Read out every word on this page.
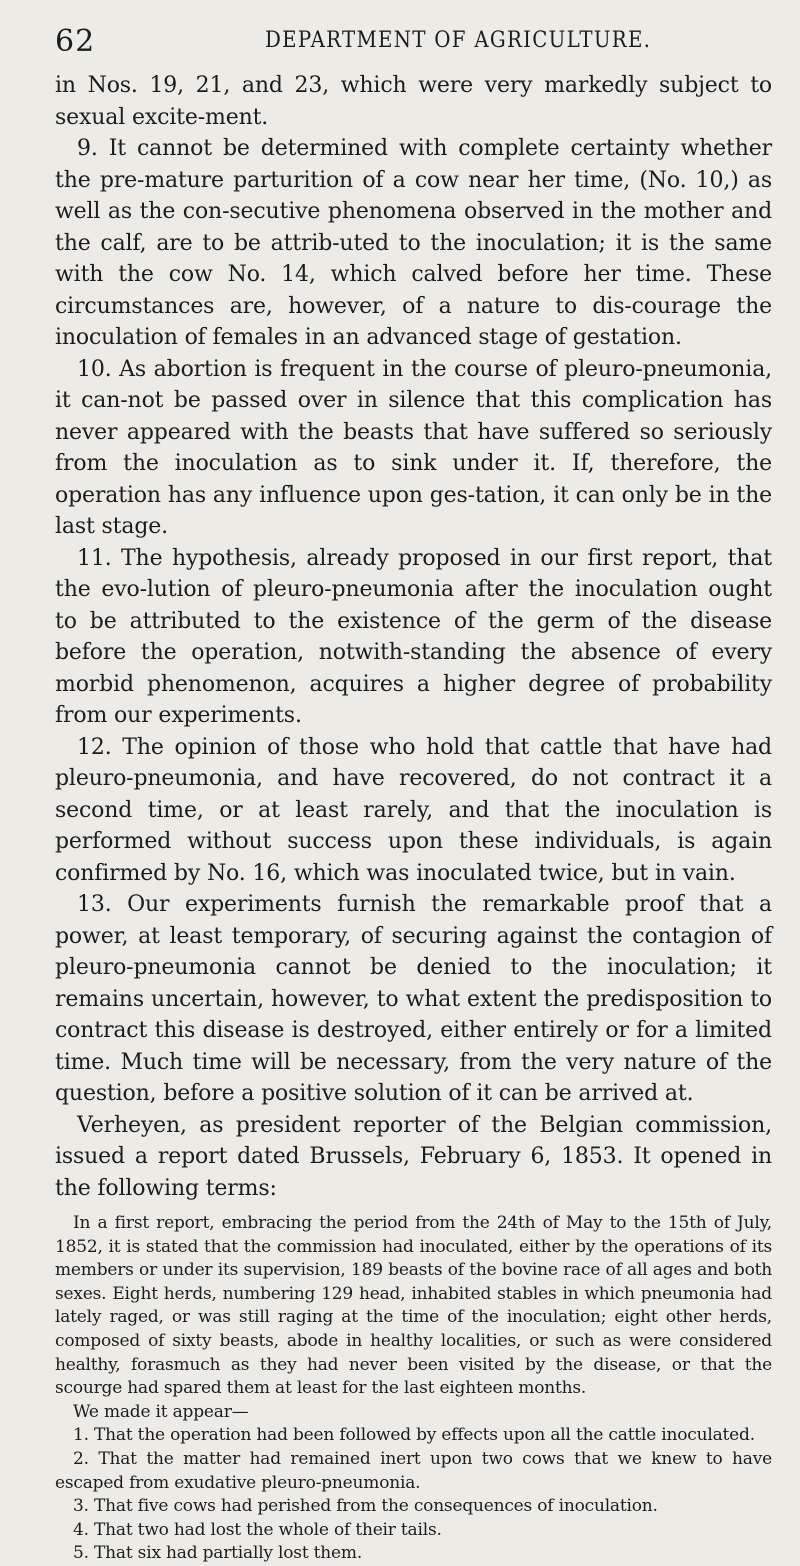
62	DEPARTMENT OF AGRICULTURE.

in Nos. 19, 21, and 23, which were very markedly subject to sexual excite-ment.

9. It cannot be determined with complete certainty whether the pre-mature parturition of a cow near her time, (No. 10,) as well as the con-secutive phenomena observed in the mother and the calf, are to be attrib-uted to the inoculation; it is the same with the cow No. 14, which calved before her time. These circumstances are, however, of a nature to dis-courage the inoculation of females in an advanced stage of gestation.

10. As abortion is frequent in the course of pleuro-pneumonia, it can-not be passed over in silence that this complication has never appeared with the beasts that have suffered so seriously from the inoculation as to sink under it. If, therefore, the operation has any influence upon ges-tation, it can only be in the last stage.

11. The hypothesis, already proposed in our first report, that the evo-lution of pleuro-pneumonia after the inoculation ought to be attributed to the existence of the germ of the disease before the operation, notwith-standing the absence of every morbid phenomenon, acquires a higher degree of probability from our experiments.

12. The opinion of those who hold that cattle that have had pleuro-pneumonia, and have recovered, do not contract it a second time, or at least rarely, and that the inoculation is performed without success upon these individuals, is again confirmed by No. 16, which was inoculated twice, but in vain.

13. Our experiments furnish the remarkable proof that a power, at least temporary, of securing against the contagion of pleuro-pneumonia cannot be denied to the inoculation; it remains uncertain, however, to what extent the predisposition to contract this disease is destroyed, either entirely or for a limited time. Much time will be necessary, from the very nature of the question, before a positive solution of it can be arrived at.

Verheyen, as president reporter of the Belgian commission, issued a report dated Brussels, February 6, 1853. It opened in the following terms:

In a first report, embracing the period from the 24th of May to the 15th of July, 1852, it is stated that the commission had inoculated, either by the operations of its members or under its supervision, 189 beasts of the bovine race of all ages and both sexes. Eight herds, numbering 129 head, inhabited stables in which pneumonia had lately raged, or was still raging at the time of the inoculation; eight other herds, composed of sixty beasts, abode in healthy localities, or such as were considered healthy, forasmuch as they had never been visited by the disease, or that the scourge had spared them at least for the last eighteen months.

We made it appear—

1. That the operation had been followed by effects upon all the cattle inoculated.

2. That the matter had remained inert upon two cows that we knew to have escaped from exudative pleuro-pneumonia.

3. That five cows had perished from the consequences of inoculation.

4. That two had lost the whole of their tails.

5. That six had partially lost them.
